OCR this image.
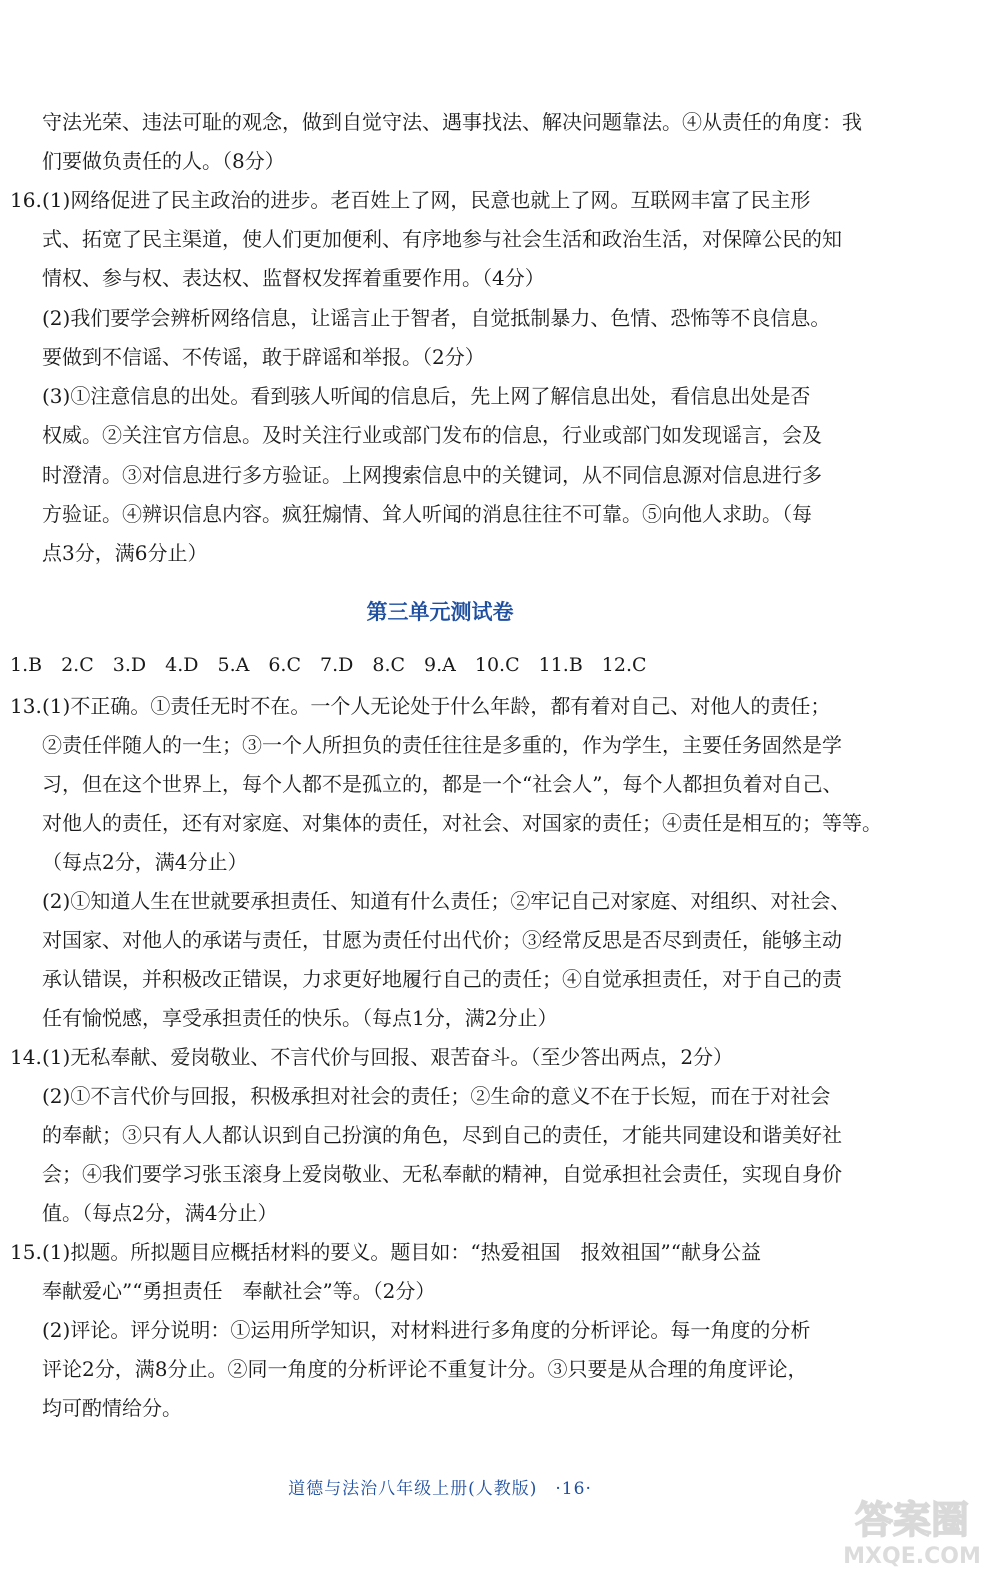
守法光荣、违法可耻的观念，做到自觉守法、遇事找法、解决问题靠法。④从责任的角度：我
们要做负责任的人。（8分）
16. (1)网络促进了民主政治的进步。老百姓上了网，民意也就上了网。互联网丰富了民主形
式、拓宽了民主渠道，使人们更加便利、有序地参与社会生活和政治生活，对保障公民的知
情权、参与权、表达权、监督权发挥着重要作用。（4分）
(2)我们要学会辨析网络信息，让谣言止于智者，自觉抵制暴力、色情、恐怖等不良信息。
要做到不信谣、不传谣，敢于辟谣和举报。（2分）
(3)①注意信息的出处。看到骇人听闻的信息后，先上网了解信息出处，看信息出处是否
权威。②关注官方信息。及时关注行业或部门发布的信息，行业或部门如发现谣言，会及
时澄清。③对信息进行多方验证。上网搜索信息中的关键词，从不同信息源对信息进行多
方验证。④辨识信息内容。疯狂煽情、耸人听闻的消息往往不可靠。⑤向他人求助。（每
点3分，满6分止）
13. (1)不正确。①责任无时不在。一个人无论处于什么年龄，都有着对自己、对他人的责任；
②责任伴随人的一生；③一个人所担负的责任往往是多重的，作为学生，主要任务固然是学
习，但在这个世界上，每个人都不是孤立的，都是一个“社会人”，每个人都担负着对自己、
对他人的责任，还有对家庭、对集体的责任，对社会、对国家的责任；④责任是相互的；等等。
（每点2分，满4分止）
(2)①知道人生在世就要承担责任、知道有什么责任；②牢记自己对家庭、对组织、对社会、
对国家、对他人的承诺与责任，甘愿为责任付出代价；③经常反思是否尽到责任，能够主动
承认错误，并积极改正错误，力求更好地履行自己的责任；④自觉承担责任，对于自己的责
任有愉悦感，享受承担责任的快乐。（每点1分，满2分止）
14. (1)无私奉献、爱岗敬业、不言代价与回报、艰苦奋斗。（至少答出两点，2分）
(2)①不言代价与回报，积极承担对社会的责任；②生命的意义不在于长短，而在于对社会
的奉献；③只有人人都认识到自己扮演的角色，尽到自己的责任，才能共同建设和谐美好社
会；④我们要学习张玉滚身上爱岗敬业、无私奉献的精神，自觉承担社会责任，实现自身价
值。（每点2分，满4分止）
15. (1)拟题。所拟题目应概括材料的要义。题目如：“热爱祖国　报效祖国”“献身公益
奉献爱心”“勇担责任　奉献社会”等。（2分）
(2)评论。评分说明：①运用所学知识，对材料进行多角度的分析评论。每一角度的分析
评论2分，满8分止。②同一角度的分析评论不重复计分。③只要是从合理的角度评论，
均可酌情给分。
第三单元测试卷
1.B　2.C　3.D　4.D　5.A　6.C　7.D　8.C　9.A　10.C　11.B　12.C
道德与法治八年级上册(人教版)　·16·
答案圈
MXQE.COM
